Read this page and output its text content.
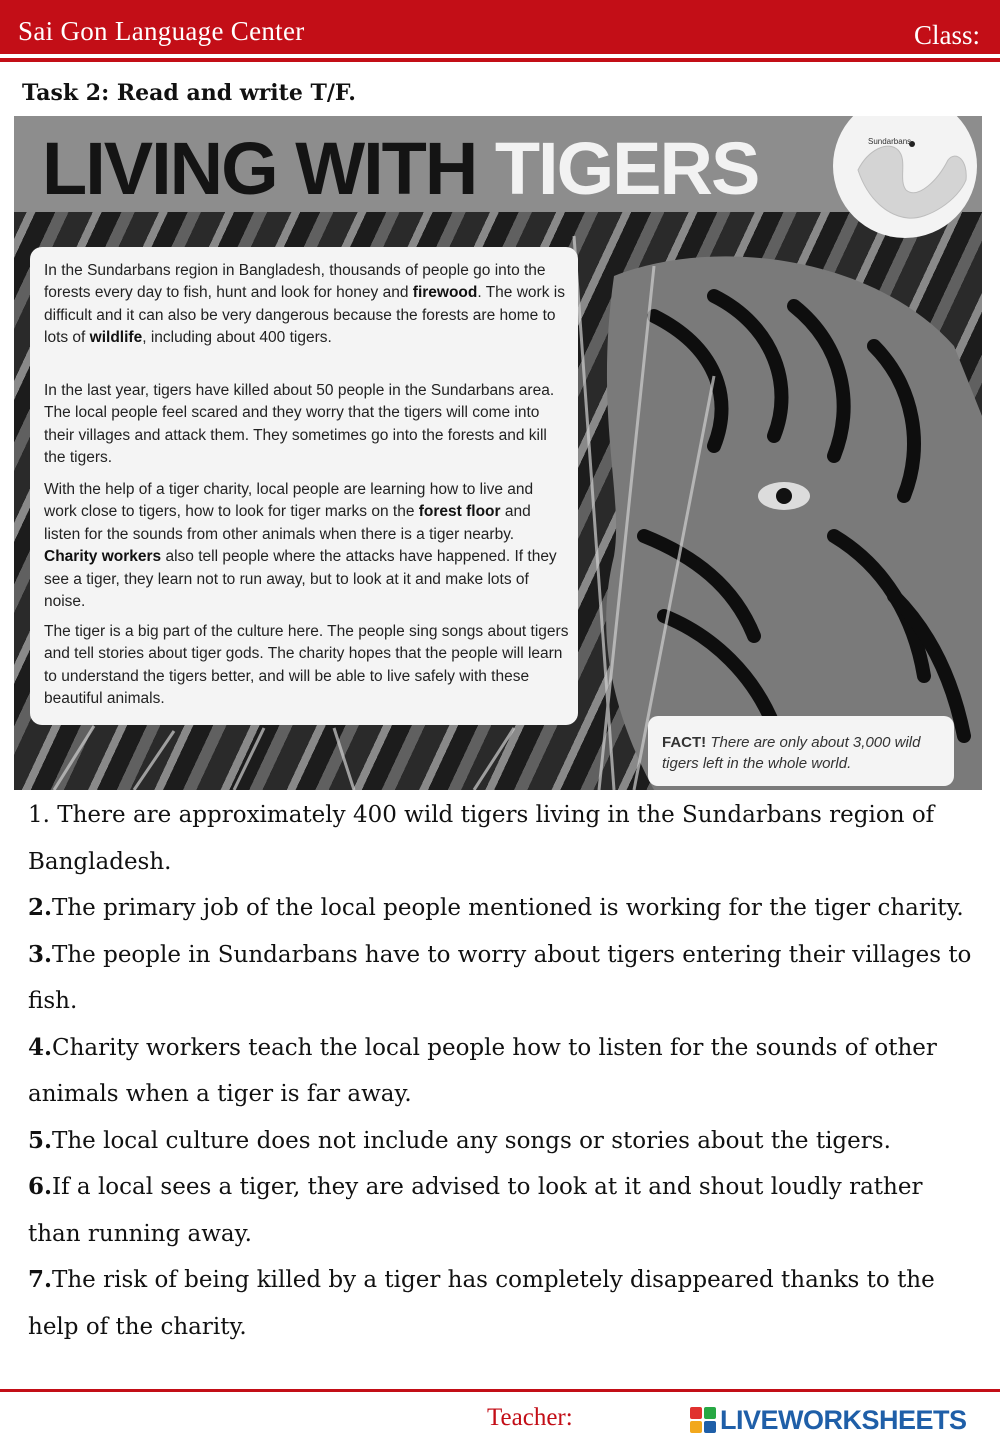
Sai Gon Language Center	Class:
Task 2: Read and write T/F.
LIVING WITH TIGERS	Sundarbans

In the Sundarbans region in Bangladesh, thousands of people go into the forests every day to fish, hunt and look for honey and firewood. The work is difficult and it can also be very dangerous because the forests are home to lots of wildlife, including about 400 tigers.

In the last year, tigers have killed about 50 people in the Sundarbans area. The local people feel scared and they worry that the tigers will come into their villages and attack them. They sometimes go into the forests and kill the tigers.

With the help of a tiger charity, local people are learning how to live and work close to tigers, how to look for tiger marks on the forest floor and listen for the sounds from other animals when there is a tiger nearby. Charity workers also tell people where the attacks have happened. If they see a tiger, they learn not to run away, but to look at it and make lots of noise.

The tiger is a big part of the culture here. The people sing songs about tigers and tell stories about tiger gods. The charity hopes that the people will learn to understand the tigers better, and will be able to live safely with these beautiful animals.

FACT! There are only about 3,000 wild tigers left in the whole world.

1. There are approximately 400 wild tigers living in the Sundarbans region of Bangladesh.

2.The primary job of the local people mentioned is working for the tiger charity.

3.The people in Sundarbans have to worry about tigers entering their villages to fish.

4.Charity workers teach the local people how to listen for the sounds of other animals when a tiger is far away.

5.The local culture does not include any songs or stories about the tigers.

6.If a local sees a tiger, they are advised to look at it and shout loudly rather than running away.

7.The risk of being killed by a tiger has completely disappeared thanks to the help of the charity.

Teacher:	LIVEWORKSHEETS
